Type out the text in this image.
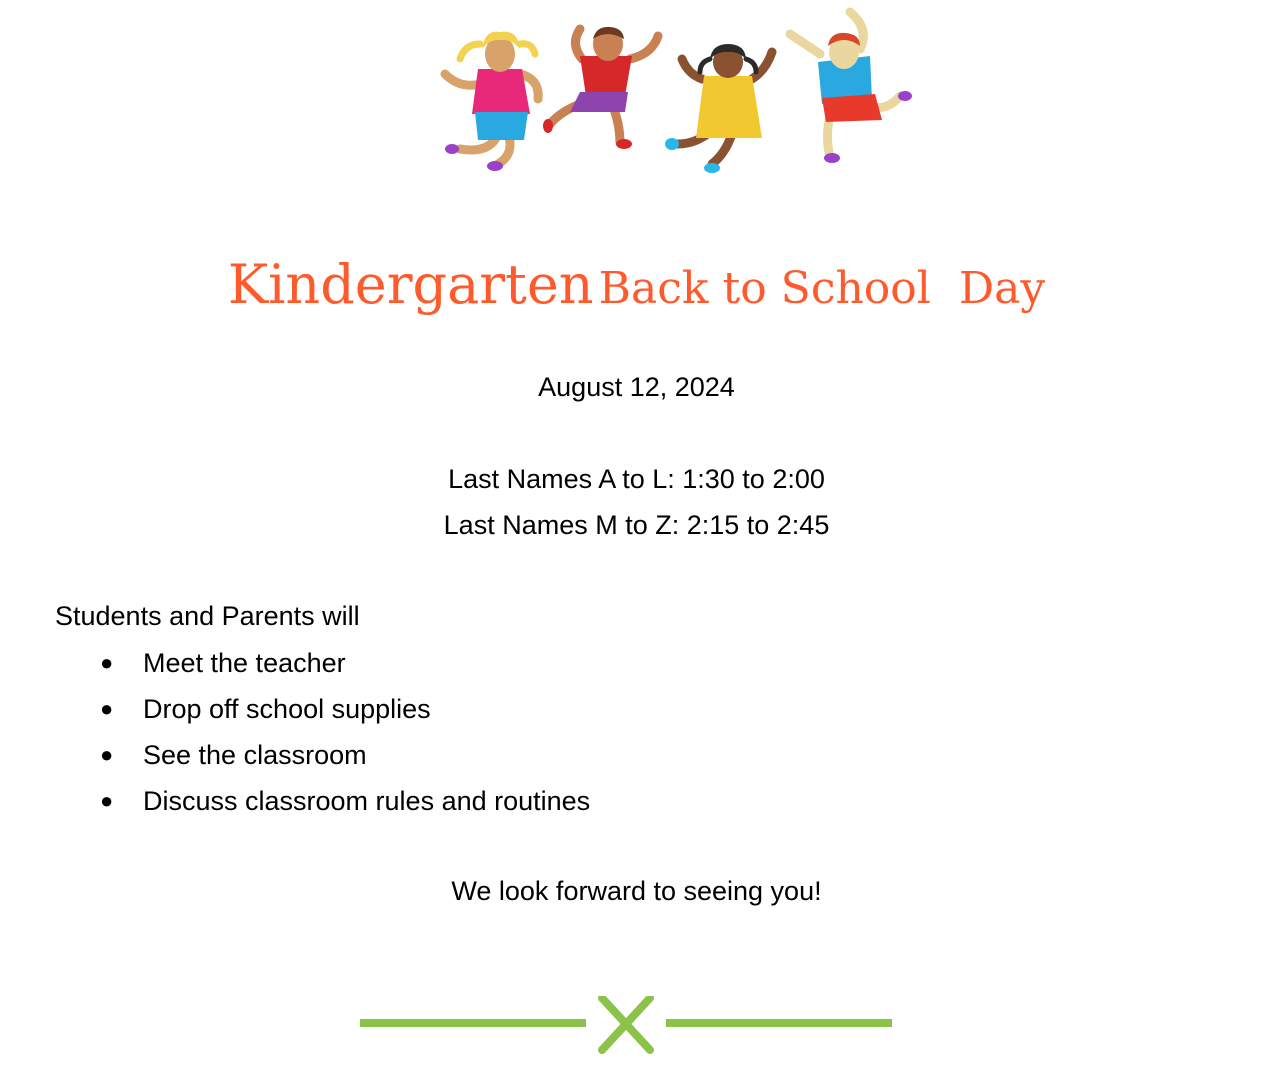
Kindergarten Back to School  Day
August 12, 2024
Last Names A to L: 1:30 to 2:00
Last Names M to Z: 2:15 to 2:45
Students and Parents will
● Meet the teacher
● Drop off school supplies
● See the classroom
● Discuss classroom rules and routines
We look forward to seeing you!
